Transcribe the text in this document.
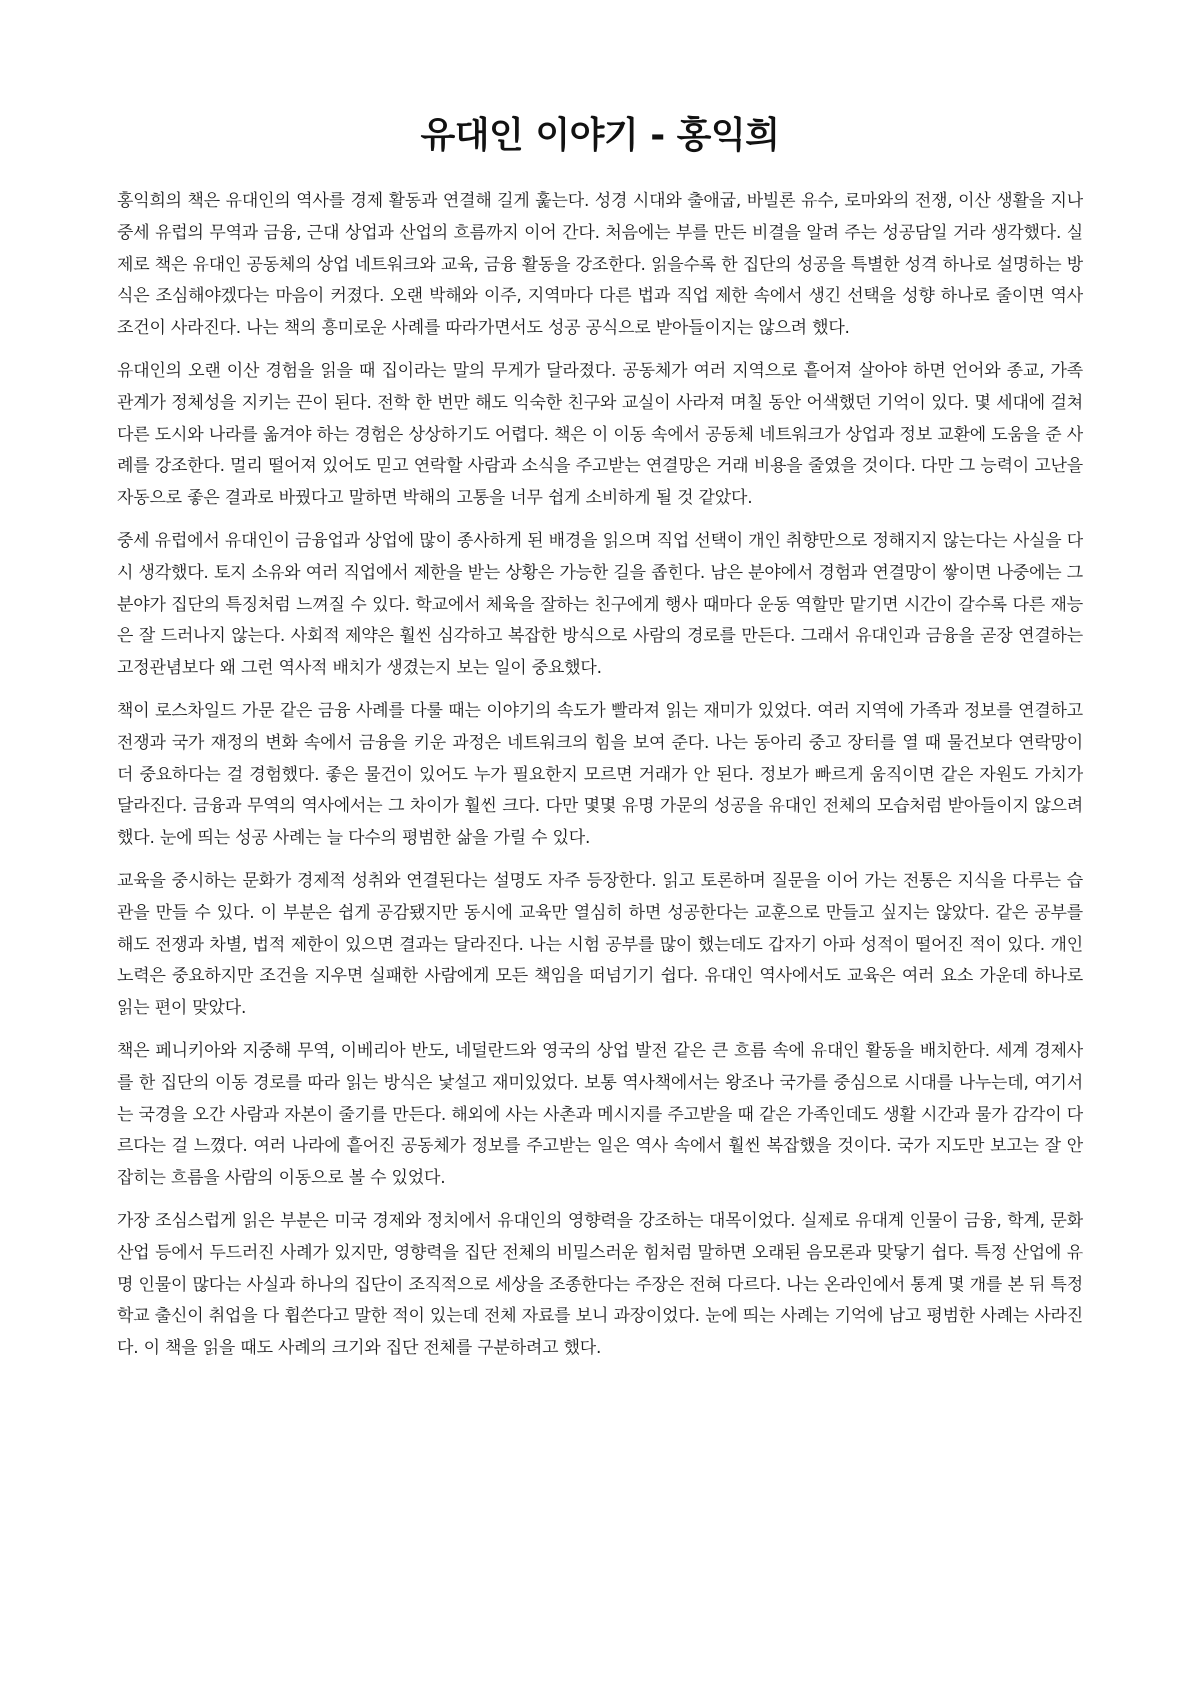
유대인 이야기 - 홍익희

홍익희의 책은 유대인의 역사를 경제 활동과 연결해 길게 훑는다. 성경 시대와 출애굽, 바빌론 유수, 로마와의 전쟁, 이산 생활을 지나 중세 유럽의 무역과 금융, 근대 상업과 산업의 흐름까지 이어 간다. 처음에는 부를 만든 비결을 알려 주는 성공담일 거라 생각했다. 실제로 책은 유대인 공동체의 상업 네트워크와 교육, 금융 활동을 강조한다. 읽을수록 한 집단의 성공을 특별한 성격 하나로 설명하는 방식은 조심해야겠다는 마음이 커졌다. 오랜 박해와 이주, 지역마다 다른 법과 직업 제한 속에서 생긴 선택을 성향 하나로 줄이면 역사 조건이 사라진다. 나는 책의 흥미로운 사례를 따라가면서도 성공 공식으로 받아들이지는 않으려 했다.

유대인의 오랜 이산 경험을 읽을 때 집이라는 말의 무게가 달라졌다. 공동체가 여러 지역으로 흩어져 살아야 하면 언어와 종교, 가족 관계가 정체성을 지키는 끈이 된다. 전학 한 번만 해도 익숙한 친구와 교실이 사라져 며칠 동안 어색했던 기억이 있다. 몇 세대에 걸쳐 다른 도시와 나라를 옮겨야 하는 경험은 상상하기도 어렵다. 책은 이 이동 속에서 공동체 네트워크가 상업과 정보 교환에 도움을 준 사례를 강조한다. 멀리 떨어져 있어도 믿고 연락할 사람과 소식을 주고받는 연결망은 거래 비용을 줄였을 것이다. 다만 그 능력이 고난을 자동으로 좋은 결과로 바꿨다고 말하면 박해의 고통을 너무 쉽게 소비하게 될 것 같았다.

중세 유럽에서 유대인이 금융업과 상업에 많이 종사하게 된 배경을 읽으며 직업 선택이 개인 취향만으로 정해지지 않는다는 사실을 다시 생각했다. 토지 소유와 여러 직업에서 제한을 받는 상황은 가능한 길을 좁힌다. 남은 분야에서 경험과 연결망이 쌓이면 나중에는 그 분야가 집단의 특징처럼 느껴질 수 있다. 학교에서 체육을 잘하는 친구에게 행사 때마다 운동 역할만 맡기면 시간이 갈수록 다른 재능은 잘 드러나지 않는다. 사회적 제약은 훨씬 심각하고 복잡한 방식으로 사람의 경로를 만든다. 그래서 유대인과 금융을 곧장 연결하는 고정관념보다 왜 그런 역사적 배치가 생겼는지 보는 일이 중요했다.

책이 로스차일드 가문 같은 금융 사례를 다룰 때는 이야기의 속도가 빨라져 읽는 재미가 있었다. 여러 지역에 가족과 정보를 연결하고 전쟁과 국가 재정의 변화 속에서 금융을 키운 과정은 네트워크의 힘을 보여 준다. 나는 동아리 중고 장터를 열 때 물건보다 연락망이 더 중요하다는 걸 경험했다. 좋은 물건이 있어도 누가 필요한지 모르면 거래가 안 된다. 정보가 빠르게 움직이면 같은 자원도 가치가 달라진다. 금융과 무역의 역사에서는 그 차이가 훨씬 크다. 다만 몇몇 유명 가문의 성공을 유대인 전체의 모습처럼 받아들이지 않으려 했다. 눈에 띄는 성공 사례는 늘 다수의 평범한 삶을 가릴 수 있다.

교육을 중시하는 문화가 경제적 성취와 연결된다는 설명도 자주 등장한다. 읽고 토론하며 질문을 이어 가는 전통은 지식을 다루는 습관을 만들 수 있다. 이 부분은 쉽게 공감됐지만 동시에 교육만 열심히 하면 성공한다는 교훈으로 만들고 싶지는 않았다. 같은 공부를 해도 전쟁과 차별, 법적 제한이 있으면 결과는 달라진다. 나는 시험 공부를 많이 했는데도 갑자기 아파 성적이 떨어진 적이 있다. 개인 노력은 중요하지만 조건을 지우면 실패한 사람에게 모든 책임을 떠넘기기 쉽다. 유대인 역사에서도 교육은 여러 요소 가운데 하나로 읽는 편이 맞았다.

책은 페니키아와 지중해 무역, 이베리아 반도, 네덜란드와 영국의 상업 발전 같은 큰 흐름 속에 유대인 활동을 배치한다. 세계 경제사를 한 집단의 이동 경로를 따라 읽는 방식은 낯설고 재미있었다. 보통 역사책에서는 왕조나 국가를 중심으로 시대를 나누는데, 여기서는 국경을 오간 사람과 자본이 줄기를 만든다. 해외에 사는 사촌과 메시지를 주고받을 때 같은 가족인데도 생활 시간과 물가 감각이 다르다는 걸 느꼈다. 여러 나라에 흩어진 공동체가 정보를 주고받는 일은 역사 속에서 훨씬 복잡했을 것이다. 국가 지도만 보고는 잘 안 잡히는 흐름을 사람의 이동으로 볼 수 있었다.

가장 조심스럽게 읽은 부분은 미국 경제와 정치에서 유대인의 영향력을 강조하는 대목이었다. 실제로 유대계 인물이 금융, 학계, 문화 산업 등에서 두드러진 사례가 있지만, 영향력을 집단 전체의 비밀스러운 힘처럼 말하면 오래된 음모론과 맞닿기 쉽다. 특정 산업에 유명 인물이 많다는 사실과 하나의 집단이 조직적으로 세상을 조종한다는 주장은 전혀 다르다. 나는 온라인에서 통계 몇 개를 본 뒤 특정 학교 출신이 취업을 다 휩쓴다고 말한 적이 있는데 전체 자료를 보니 과장이었다. 눈에 띄는 사례는 기억에 남고 평범한 사례는 사라진다. 이 책을 읽을 때도 사례의 크기와 집단 전체를 구분하려고 했다.
